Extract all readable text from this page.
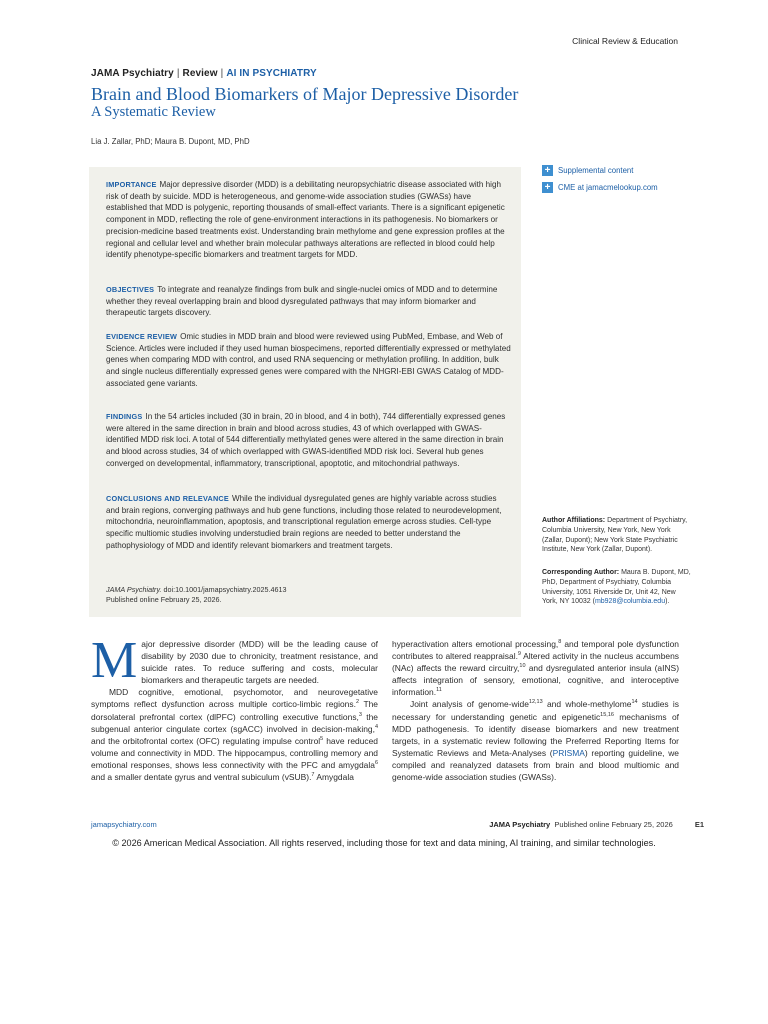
Clinical Review & Education
JAMA Psychiatry | Review | AI IN PSYCHIATRY
Brain and Blood Biomarkers of Major Depressive Disorder
A Systematic Review
Lia J. Zallar, PhD; Maura B. Dupont, MD, PhD

IMPORTANCE Major depressive disorder (MDD) is a debilitating neuropsychiatric disease associated with high risk of death by suicide. MDD is heterogeneous, and genome-wide association studies (GWASs) have established that MDD is polygenic, reporting thousands of small-effect variants. There is a significant epigenetic component in MDD, reflecting the role of gene-environment interactions in its pathogenesis. No biomarkers or precision-medicine based treatments exist. Understanding brain methylome and gene expression profiles at the regional and cellular level and whether brain molecular pathways alterations are reflected in blood could help identify phenotype-specific biomarkers and treatment targets for MDD.

OBJECTIVES To integrate and reanalyze findings from bulk and single-nuclei omics of MDD and to determine whether they reveal overlapping brain and blood dysregulated pathways that may inform biomarker and therapeutic targets discovery.

EVIDENCE REVIEW Omic studies in MDD brain and blood were reviewed using PubMed, Embase, and Web of Science. Articles were included if they used human biospecimens, reported differentially expressed or methylated genes when comparing MDD with control, and used RNA sequencing or methylation profiling. In addition, bulk and single nucleus differentially expressed genes were compared with the NHGRI-EBI GWAS Catalog of MDD-associated gene variants.

FINDINGS In the 54 articles included (30 in brain, 20 in blood, and 4 in both), 744 differentially expressed genes were altered in the same direction in brain and blood across studies, 43 of which overlapped with GWAS-identified MDD risk loci. A total of 544 differentially methylated genes were altered in the same direction in brain and blood across studies, 34 of which overlapped with GWAS-identified MDD risk loci. Several hub genes converged on developmental, inflammatory, transcriptional, apoptotic, and mitochondrial pathways.

CONCLUSIONS AND RELEVANCE While the individual dysregulated genes are highly variable across studies and brain regions, converging pathways and hub gene functions, including those related to neurodevelopment, mitochondria, neuroinflammation, apoptosis, and transcriptional regulation emerge across studies. Cell-type specific multiomic studies involving understudied brain regions are needed to better understand the pathophysiology of MDD and identify relevant biomarkers and treatment targets.

JAMA Psychiatry. doi:10.1001/jamapsychiatry.2025.4613
Published online February 25, 2026.
+ Supplemental content
+ CME at
jamacmelookup.com

Author Affiliations: Department of Psychiatry, Columbia University, New York, New York (Zallar, Dupont); New York State Psychiatric Institute, New York (Zallar, Dupont).

Corresponding Author: Maura B. Dupont, MD, PhD, Department of Psychiatry, Columbia University, 1051 Riverside Dr, Unit 42, New York, NY 10032 (mb928@columbia.edu).

Major depressive disorder (MDD) will be the leading cause of disability by 2030 due to chronicity, treatment resistance, and suicide rates. To reduce suffering and costs, molecular biomarkers and therapeutic targets are needed.

MDD cognitive, emotional, psychomotor, and neurovegetative symptoms reflect dysfunction across multiple cortico-limbic regions.$^2$ The dorsolateral prefrontal cortex (dlPFC) controlling executive functions,$^3$ the subgenual anterior cingulate cortex (sgACC) involved in decision-making,$^4$ and the orbitofrontal cortex (OFC) regulating impulse control$^5$ have reduced volume and connectivity in MDD. The hippocampus, controlling memory and emotional responses, shows less connectivity with the PFC and amygdala$^6$ and a smaller dentate gyrus and ventral subiculum (vSUB).$^7$ Amygdala

hyperactivation alters emotional processing,$^8$ and temporal pole dysfunction contributes to altered reappraisal.$^9$ Altered activity in the nucleus accumbens (NAc) affects the reward circuitry,$^{10}$ and dysregulated anterior insula (aINS) affects integration of sensory, emotional, cognitive, and interoceptive information.$^{11}$

Joint analysis of genome-wide$^{12,13}$ and whole-methylome$^{14}$ studies is necessary for understanding genetic and epigenetic$^{15,16}$ mechanisms of MDD pathogenesis. To identify disease biomarkers and new treatment targets, in a systematic review following the Preferred Reporting Items for Systematic Reviews and Meta-Analyses (PRISMA) reporting guideline, we compiled and reanalyzed datasets from brain and blood multiomic and genome-wide association studies (GWASs).

jamapsychiatry.com	JAMA Psychiatry Published online February 25, 2026	E1
© 2026 American Medical Association. All rights reserved, including those for text and data mining, AI training, and similar technologies.
